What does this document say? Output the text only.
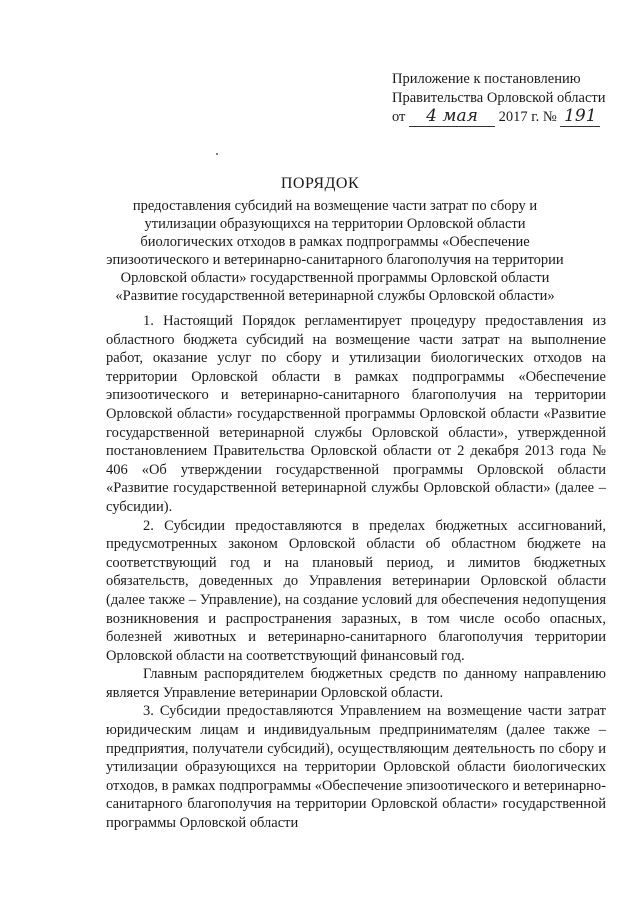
Приложение к постановлению
Правительства Орловской области
от 4 мая 2017 г. № 191
ПОРЯДОК
предоставления субсидий на возмещение части затрат по сбору и утилизации образующихся на территории Орловской области биологических отходов в рамках подпрограммы «Обеспечение эпизоотического и ветеринарно-санитарного благополучия на территории Орловской области» государственной программы Орловской области «Развитие государственной ветеринарной службы Орловской области»

1. Настоящий Порядок регламентирует процедуру предоставления из областного бюджета субсидий на возмещение части затрат на выполнение работ, оказание услуг по сбору и утилизации биологических отходов на территории Орловской области в рамках подпрограммы «Обеспечение эпизоотического и ветеринарно-санитарного благополучия на территории Орловской области» государственной программы Орловской области «Развитие государственной ветеринарной службы Орловской области», утвержденной постановлением Правительства Орловской области от 2 декабря 2013 года № 406 «Об утверждении государственной программы Орловской области «Развитие государственной ветеринарной службы Орловской области» (далее – субсидии).

2. Субсидии предоставляются в пределах бюджетных ассигнований, предусмотренных законом Орловской области об областном бюджете на соответствующий год и на плановый период, и лимитов бюджетных обязательств, доведенных до Управления ветеринарии Орловской области (далее также – Управление), на создание условий для обеспечения недопущения возникновения и распространения заразных, в том числе особо опасных, болезней животных и ветеринарно-санитарного благополучия территории Орловской области на соответствующий финансовый год.

Главным распорядителем бюджетных средств по данному направлению является Управление ветеринарии Орловской области.

3. Субсидии предоставляются Управлением на возмещение части затрат юридическим лицам и индивидуальным предпринимателям (далее также – предприятия, получатели субсидий), осуществляющим деятельность по сбору и утилизации образующихся на территории Орловской области биологических отходов, в рамках подпрограммы «Обеспечение эпизоотического и ветеринарно-санитарного благополучия на территории Орловской области» государственной программы Орловской области
